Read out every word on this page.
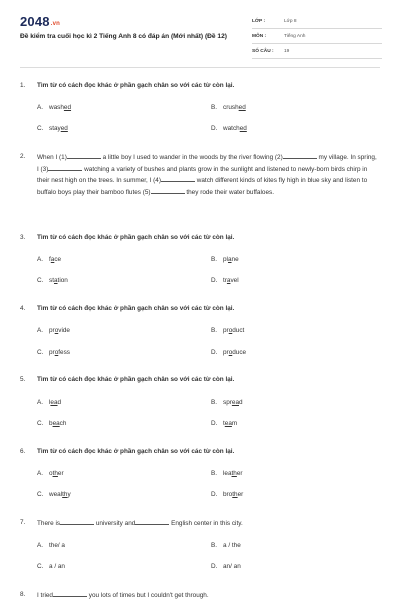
2048.vn
Đề kiểm tra cuối học kì 2 Tiếng Anh 8 có đáp án (Mới nhất) (Đề 12)
LỚP :	Lớp 8
MÔN :	Tiếng Anh
SỐ CÂU :	19
1. Tìm từ có cách đọc khác ở phần gạch chân so với các từ còn lại.
A. washed	B. crushed
C. stayed	D. watched
2. When I (1)	a little boy I used to wander in the woods by the river flowing (2)	my village. In spring, I (3)	watching a variety of bushes and plants grow in the sunlight and listened to newly-born birds chirp in their nest high on the trees. In summer, I (4)	watch different kinds of kites fly high in blue sky and listen to buffalo boys play their bamboo flutes (5)	they rode their water buffaloes.
3. Tìm từ có cách đọc khác ở phần gạch chân so với các từ còn lại.
A. face	B. plane
C. station	D. travel
4. Tìm từ có cách đọc khác ở phần gạch chân so với các từ còn lại.
A. provide	B. product
C. profess	D. produce
5. Tìm từ có cách đọc khác ở phần gạch chân so với các từ còn lại.
A. lead	B. spread
C. beach	D. team
6. Tìm từ có cách đọc khác ở phần gạch chân so với các từ còn lại.
A. other	B. leather
C. wealthy	D. brother
7. There is	university and	English center in this city.
A. the/ a	B. a / the
C. a / an	D. an/ an
8. I tried	you lots of times but I couldn't get through.
